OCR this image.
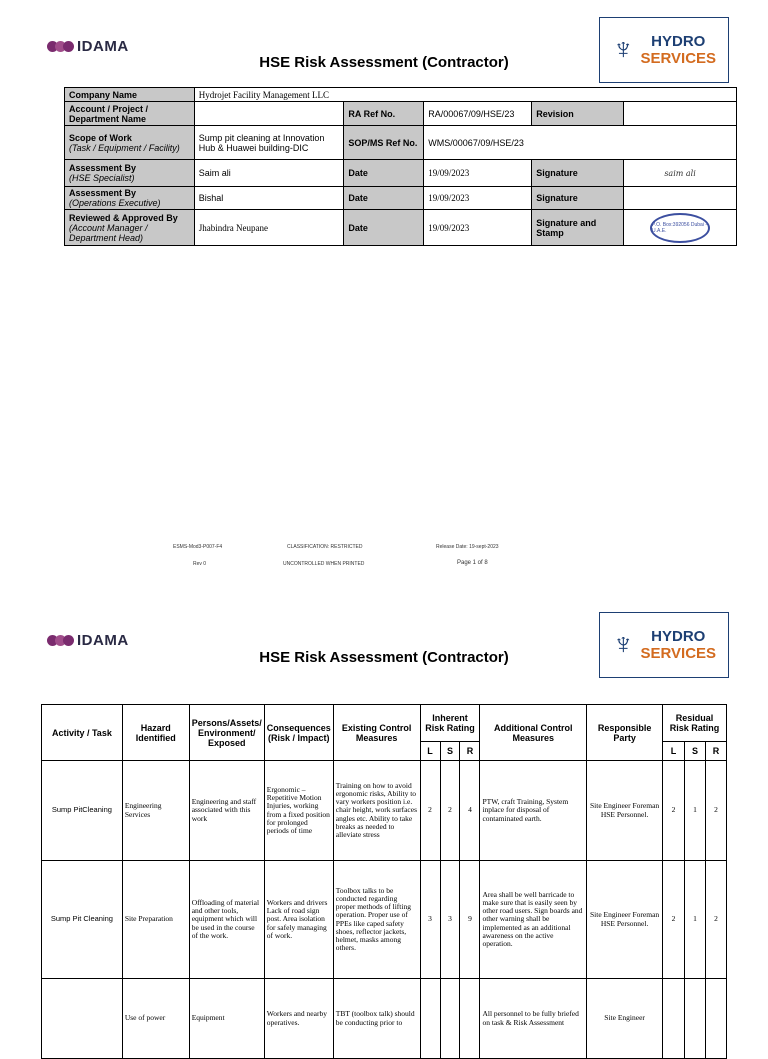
IDAMA
HSE Risk Assessment (Contractor)	♆ HYDRO
SERVICES
Company Name	Hydrojet Facility Management LLC				
Account / Project / Department Name		RA Ref No.	RA/00067/09/HSE/23	Revision	

Scope of Work
(Task / Equipment / Facility)	Sump pit cleaning at Innovation Hub & Huawei building-DIC	SOP/MS Ref No.	WMS/00067/09/HSE/23		

Assessment By
(HSE Specialist)	Saim ali	Date	19/09/2023	Signature	saim ali

Assessment By
(Operations Executive)	Bishal	Date	19/09/2023	Signature	

Reviewed & Approved By
(Account Manager / Department Head)	Jhabindra Neupane	Date	19/09/2023	Signature and Stamp	P.O. Box:392056 Dubai - U.A.E.
ESMS-Mod3-P007-F4	CLASSIFICATION: RESTRICTED	Release Date: 19-sept-2023
Rev 0	UNCONTROLLED WHEN PRINTED	Page 1 of 8
IDAMA
HSE Risk Assessment (Contractor)	♆ HYDRO
SERVICES
Activity / Task	Hazard Identified	Persons/Assets/ Environment/ Exposed	Consequences (Risk / Impact)	Existing Control Measures	Inherent Risk Rating			Additional Control Measures	Responsible Party	Residual Risk Rating		
					L	S	R			L	S	R
Sump PitCleaning	Engineering Services	Engineering and staff associated with this work	Ergonomic – Repetitive Motion Injuries, working from a fixed position for prolonged periods of time	Training on how to avoid ergonomic risks, Ability to vary workers position i.e. chair height, work surfaces angles etc. Ability to take breaks as needed to alleviate stress	2	2	4	PTW, craft Training, System inplace for disposal of contaminated earth.	Site Engineer Foreman HSE Personnel.	2	1	2
Sump Pit Cleaning	Site Preparation	Offloading of material and other tools, equipment which will be used in the course of the work.	Workers and drivers Lack of road sign post. Area isolation for safely managing of work.	Toolbox talks to be conducted regarding proper methods of lifting operation. Proper use of PPEs like caped safety shoes, reflector jackets, helmet, masks among others.	3	3	9	Area shall be well barricade to make sure that is easily seen by other road users. Sign boards and other warning shall be implemented as an additional awareness on the active operation.	Site Engineer Foreman HSE Personnel.	2	1	2
	Use of power	Equipment	Workers and nearby operatives.	TBT (toolbox talk) should be conducting prior to				All personnel to be fully briefed on task & Risk Assessment	Site Engineer			
